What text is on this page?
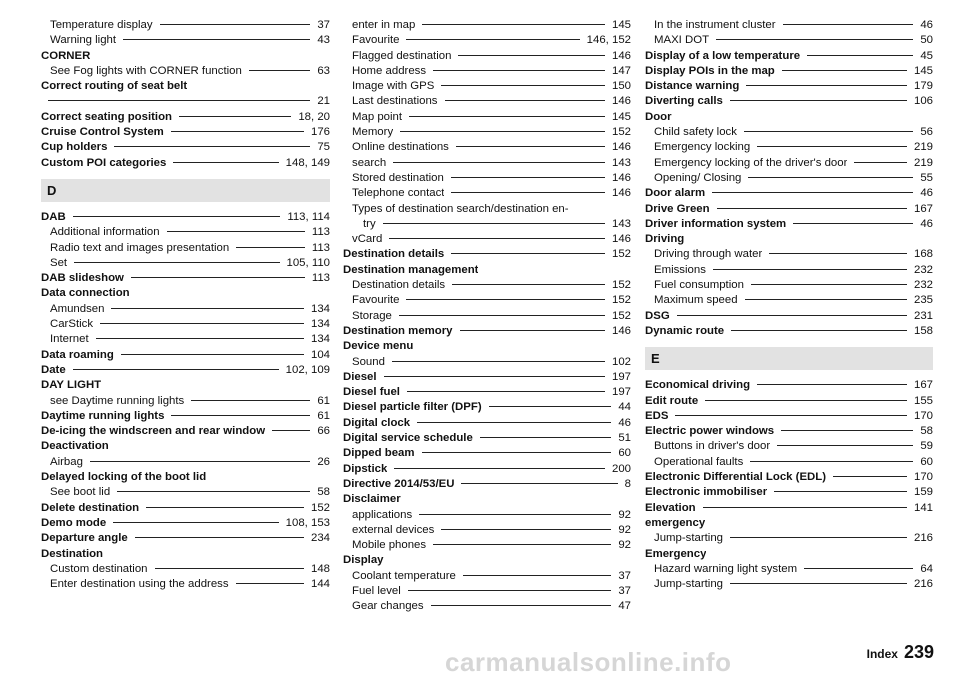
Temperature display	37
Warning light	43
CORNER
See Fog lights with CORNER function	63
Correct routing of seat belt
21
Correct seating position	18, 20
Cruise Control System	176
Cup holders	75
Custom POI categories	148, 149
D
DAB	113, 114
Additional information	113
Radio text and images presentation	113
Set	105, 110
DAB slideshow	113
Data connection
Amundsen	134
CarStick	134
Internet	134
Data roaming	104
Date	102, 109
DAY LIGHT
see Daytime running lights	61
Daytime running lights	61
De-icing the windscreen and rear window	66
Deactivation
Airbag	26
Delayed locking of the boot lid
See boot lid	58
Delete destination	152
Demo mode	108, 153
Departure angle	234
Destination
Custom destination	148
Enter destination using the address	144
enter in map	145
Favourite	146, 152
Flagged destination	146
Home address	147
Image with GPS	150
Last destinations	146
Map point	145
Memory	152
Online destinations	146
search	143
Stored destination	146
Telephone contact	146
Types of destination search/destination en-
try	143
vCard	146
Destination details	152
Destination management
Destination details	152
Favourite	152
Storage	152
Destination memory	146
Device menu
Sound	102
Diesel	197
Diesel fuel	197
Diesel particle filter (DPF)	44
Digital clock	46
Digital service schedule	51
Dipped beam	60
Dipstick	200
Directive 2014/53/EU	8
Disclaimer
applications	92
external devices	92
Mobile phones	92
Display
Coolant temperature	37
Fuel level	37
Gear changes	47
In the instrument cluster	46
MAXI DOT	50
Display of a low temperature	45
Display POIs in the map	145
Distance warning	179
Diverting calls	106
Door
Child safety lock	56
Emergency locking	219
Emergency locking of the driver's door	219
Opening/ Closing	55
Door alarm	46
Drive Green	167
Driver information system	46
Driving
Driving through water	168
Emissions	232
Fuel consumption	232
Maximum speed	235
DSG	231
Dynamic route	158
E
Economical driving	167
Edit route	155
EDS	170
Electric power windows	58
Buttons in driver's door	59
Operational faults	60
Electronic Differential Lock (EDL)	170
Electronic immobiliser	159
Elevation	141
emergency
Jump-starting	216
Emergency
Hazard warning light system	64
Jump-starting	216
carmanualsonline.info	Index 239
